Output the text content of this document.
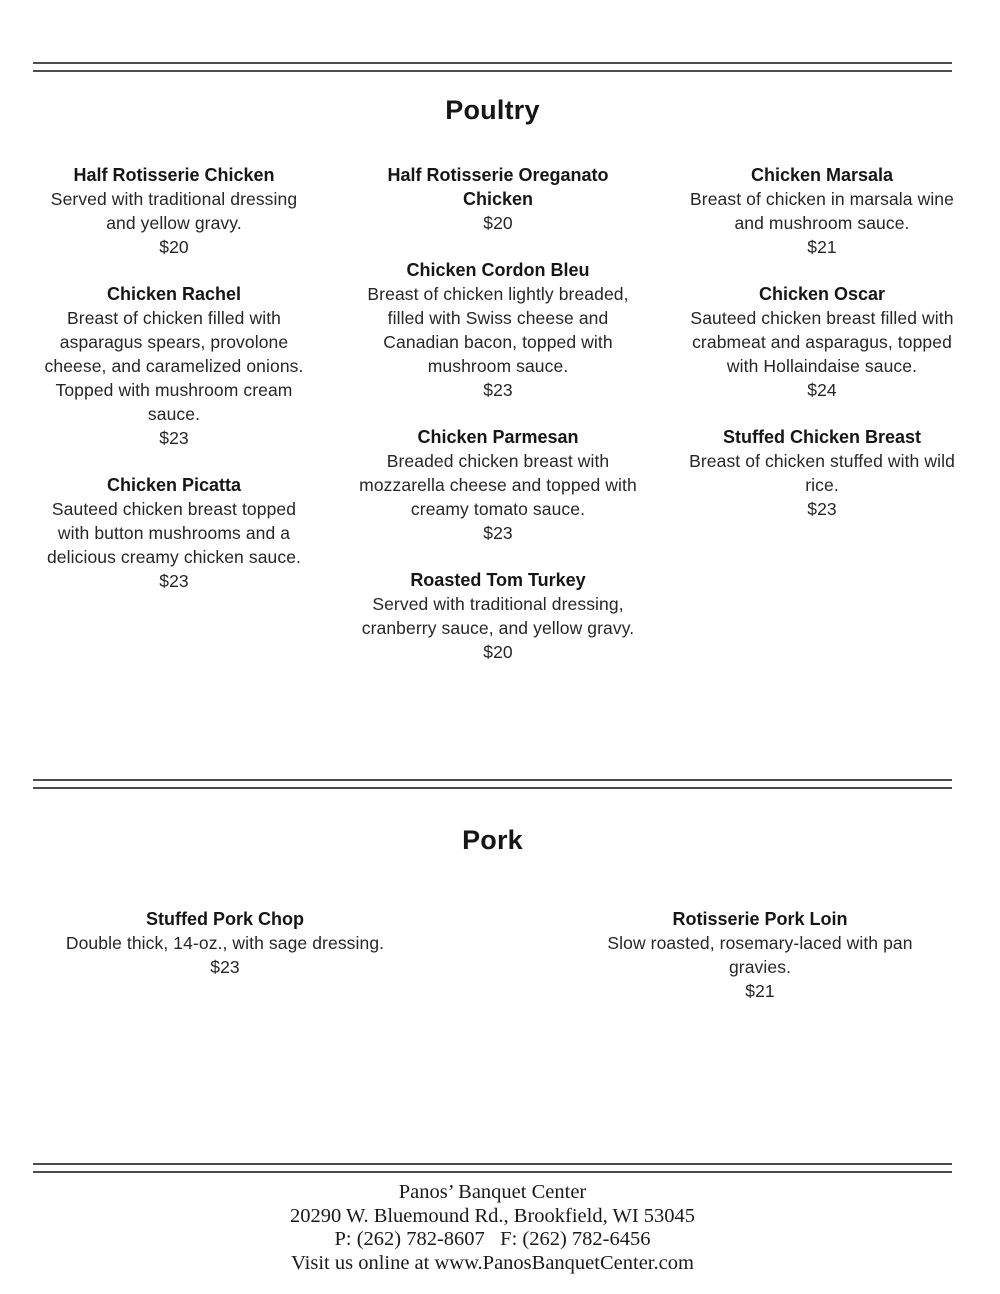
Poultry
Half Rotisserie Chicken
Served with traditional dressing and yellow gravy.
$20
Chicken Rachel
Breast of chicken filled with asparagus spears, provolone cheese, and caramelized onions. Topped with mushroom cream sauce.
$23
Chicken Picatta
Sauteed chicken breast topped with button mushrooms and a delicious creamy chicken sauce.
$23
Half Rotisserie Oreganato Chicken
$20
Chicken Cordon Bleu
Breast of chicken lightly breaded, filled with Swiss cheese and Canadian bacon, topped with mushroom sauce.
$23
Chicken Parmesan
Breaded chicken breast with mozzarella cheese and topped with creamy tomato sauce.
$23
Roasted Tom Turkey
Served with traditional dressing, cranberry sauce, and yellow gravy.
$20
Chicken Marsala
Breast of chicken in marsala wine and mushroom sauce.
$21
Chicken Oscar
Sauteed chicken breast filled with crabmeat and asparagus, topped with Hollaindaise sauce.
$24
Stuffed Chicken Breast
Breast of chicken stuffed with wild rice.
$23
Pork
Stuffed Pork Chop
Double thick, 14-oz., with sage dressing.
$23
Rotisserie Pork Loin
Slow roasted, rosemary-laced with pan gravies.
$21
Panos’ Banquet Center
20290 W. Bluemound Rd., Brookfield, WI 53045
P: (262) 782-8607   F: (262) 782-6456
Visit us online at www.PanosBanquetCenter.com
